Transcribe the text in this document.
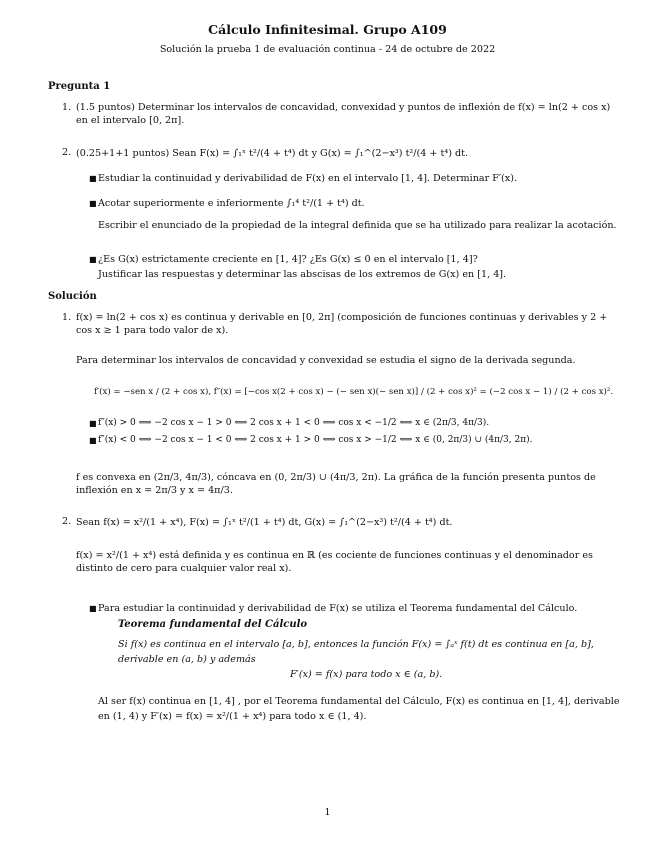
Cálculo Infinitesimal. Grupo A109
Solución la prueba 1 de evaluación continua - 24 de octubre de 2022
Pregunta 1
1. (1.5 puntos) Determinar los intervalos de concavidad, convexidad y puntos de inflexión de f(x) = ln(2 + cos x) en el intervalo [0, 2π].
2. (0.25+1+1 puntos) Sean F(x) = ∫₁ˣ t²/(4 + t⁴) dt y G(x) = ∫₁^(2−x³) t²/(4 + t⁴) dt.
■ Estudiar la continuidad y derivabilidad de F(x) en el intervalo [1, 4]. Determinar F′(x).
■ Acotar superiormente e inferiormente ∫₁⁴ t²/(1 + t⁴) dt.
Escribir el enunciado de la propiedad de la integral definida que se ha utilizado para realizar la acotación.
■ ¿Es G(x) estrictamente creciente en [1, 4]? ¿Es G(x) ≤ 0 en el intervalo [1, 4]?
Justificar las respuestas y determinar las abscisas de los extremos de G(x) en [1, 4].
Solución
1. f(x) = ln(2 + cos x) es continua y derivable en [0, 2π] (composición de funciones continuas y derivables y 2 + cos x ≥ 1 para todo valor de x).
Para determinar los intervalos de concavidad y convexidad se estudia el signo de la derivada segunda.
f′(x) = −sen x / (2 + cos x), f″(x) = [−cos x(2 + cos x) − (− sen x)(− sen x)] / (2 + cos x)² = (−2 cos x − 1) / (2 + cos x)².
■ f″(x) > 0 ⟺ −2 cos x − 1 > 0 ⟺ 2 cos x + 1 < 0 ⟺ cos x < −1/2 ⟺ x ∈ (2π/3, 4π/3).
■ f″(x) < 0 ⟺ −2 cos x − 1 < 0 ⟺ 2 cos x + 1 > 0 ⟺ cos x > −1/2 ⟺ x ∈ (0, 2π/3) ∪ (4π/3, 2π).
f es convexa en (2π/3, 4π/3), cóncava en (0, 2π/3) ∪ (4π/3, 2π). La gráfica de la función presenta puntos de inflexión en x = 2π/3 y x = 4π/3.
2. Sean f(x) = x²/(1 + x⁴), F(x) = ∫₁ˣ t²/(1 + t⁴) dt, G(x) = ∫₁^(2−x³) t²/(4 + t⁴) dt.
f(x) = x²/(1 + x⁴) está definida y es continua en ℝ (es cociente de funciones continuas y el denominador es distinto de cero para cualquier valor real x).
■ Para estudiar la continuidad y derivabilidad de F(x) se utiliza el Teorema fundamental del Cálculo.
Teorema fundamental del Cálculo
Si f(x) es continua en el intervalo [a, b], entonces la función F(x) = ∫ₐˣ f(t) dt es continua en [a, b], derivable en (a, b) y además
F′(x) = f(x) para todo x ∈ (a, b).
Al ser f(x) continua en [1, 4] , por el Teorema fundamental del Cálculo, F(x) es continua en [1, 4], derivable en (1, 4) y F′(x) = f(x) = x²/(1 + x⁴) para todo x ∈ (1, 4).
1
